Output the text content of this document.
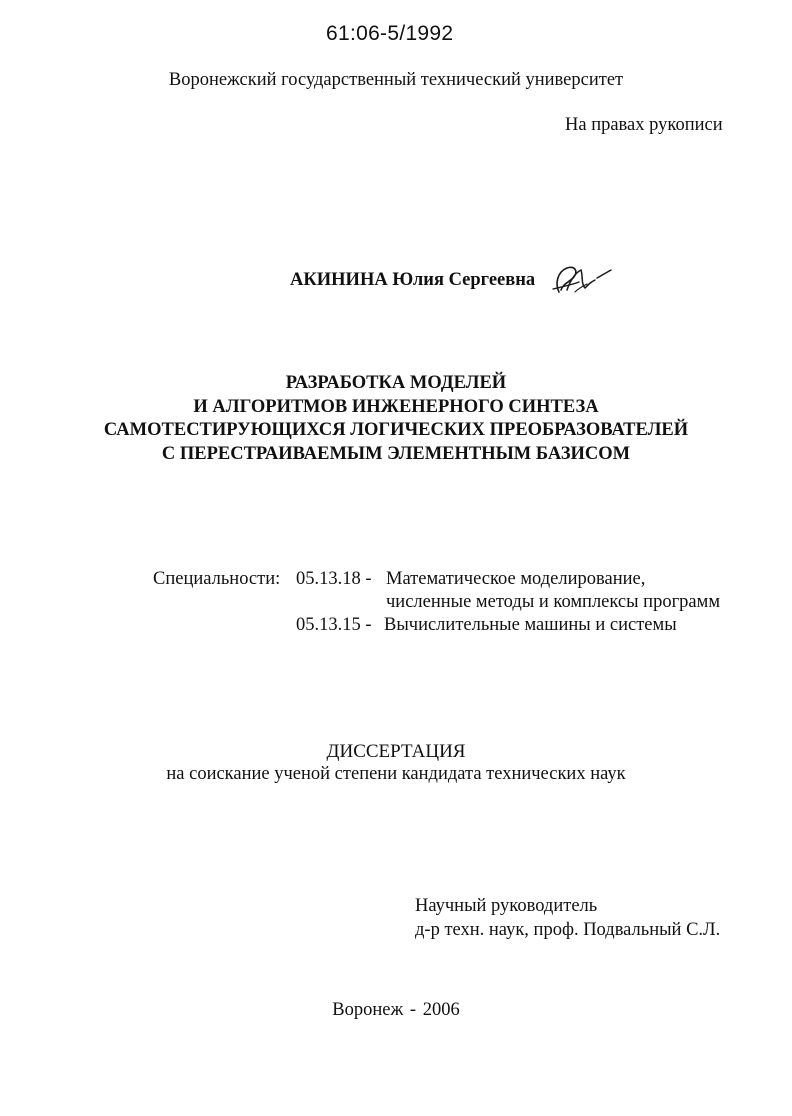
61:06-5/1992
Воронежский государственный технический университет
На правах рукописи
АКИНИНА Юлия Сергеевна
РАЗРАБОТКА МОДЕЛЕЙ
И АЛГОРИТМОВ ИНЖЕНЕРНОГО СИНТЕЗА
САМОТЕСТИРУЮЩИХСЯ ЛОГИЧЕСКИХ ПРЕОБРАЗОВАТЕЛЕЙ
С ПЕРЕСТРАИВАЕМЫМ ЭЛЕМЕНТНЫМ БАЗИСОМ
Специальности: 05.13.18 - Математическое моделирование,
численные методы и комплексы программ
05.13.15 - Вычислительные машины и системы
ДИССЕРТАЦИЯ
на соискание ученой степени кандидата технических наук
Научный руководитель
д-р техн. наук, проф. Подвальный С.Л.
Воронеж - 2006
